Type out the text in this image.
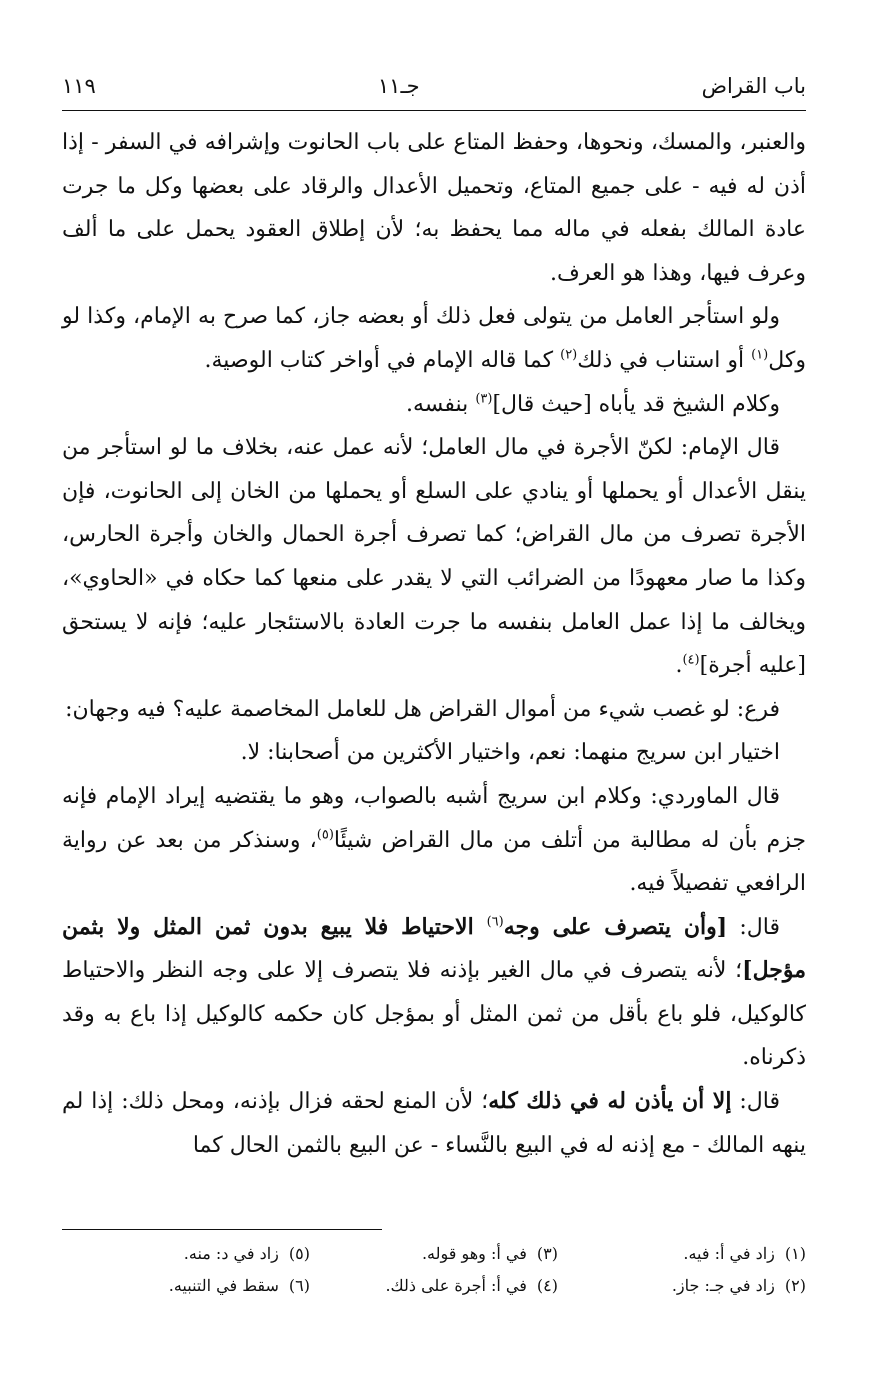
باب القراض
جـ١١
١١٩

والعنبر، والمسك، ونحوها، وحفظ المتاع على باب الحانوت وإشرافه في السفر - إذا أذن له فيه - على جميع المتاع، وتحميل الأعدال والرقاد على بعضها وكل ما جرت عادة المالك بفعله في ماله مما يحفظ به؛ لأن إطلاق العقود يحمل على ما ألف وعرف فيها، وهذا هو العرف.

ولو استأجر العامل من يتولى فعل ذلك أو بعضه جاز، كما صرح به الإمام، وكذا لو وكل$^{(١)}$ أو استناب في ذلك$^{(٢)}$ كما قاله الإمام في أواخر كتاب الوصية.

وكلام الشيخ قد يأباه [حيث قال]$^{(٣)}$ بنفسه.

قال الإمام: لكنّ الأجرة في مال العامل؛ لأنه عمل عنه، بخلاف ما لو استأجر من ينقل الأعدال أو يحملها أو ينادي على السلع أو يحملها من الخان إلى الحانوت، فإن الأجرة تصرف من مال القراض؛ كما تصرف أجرة الحمال والخان وأجرة الحارس، وكذا ما صار معهودًا من الضرائب التي لا يقدر على منعها كما حكاه في «الحاوي»، ويخالف ما إذا عمل العامل بنفسه ما جرت العادة بالاستئجار عليه؛ فإنه لا يستحق [عليه أجرة]$^{(٤)}$.

فرع: لو غصب شيء من أموال القراض هل للعامل المخاصمة عليه؟ فيه وجهان:

اختيار ابن سريج منهما: نعم، واختيار الأكثرين من أصحابنا: لا.

قال الماوردي: وكلام ابن سريج أشبه بالصواب، وهو ما يقتضيه إيراد الإمام فإنه جزم بأن له مطالبة من أتلف من مال القراض شيئًا$^{(٥)}$، وسنذكر من بعد عن رواية الرافعي تفصيلاً فيه.

قال: [وأن يتصرف على وجه$^{(٦)}$ الاحتياط فلا يبيع بدون ثمن المثل ولا بثمن مؤجل]؛ لأنه يتصرف في مال الغير بإذنه فلا يتصرف إلا على وجه النظر والاحتياط كالوكيل، فلو باع بأقل من ثمن المثل أو بمؤجل كان حكمه كالوكيل إذا باع به وقد ذكرناه.

قال: إلا أن يأذن له في ذلك كله؛ لأن المنع لحقه فزال بإذنه، ومحل ذلك: إذا لم ينهه المالك - مع إذنه له في البيع بالنَّساء - عن البيع بالثمن الحال كما

(١)زاد في أ: فيه.
(٣)في أ: وهو قوله.
(٥)زاد في د: منه.
(٢)زاد في جـ: جاز.
(٤)في أ: أجرة على ذلك.
(٦)سقط في التنبيه.
